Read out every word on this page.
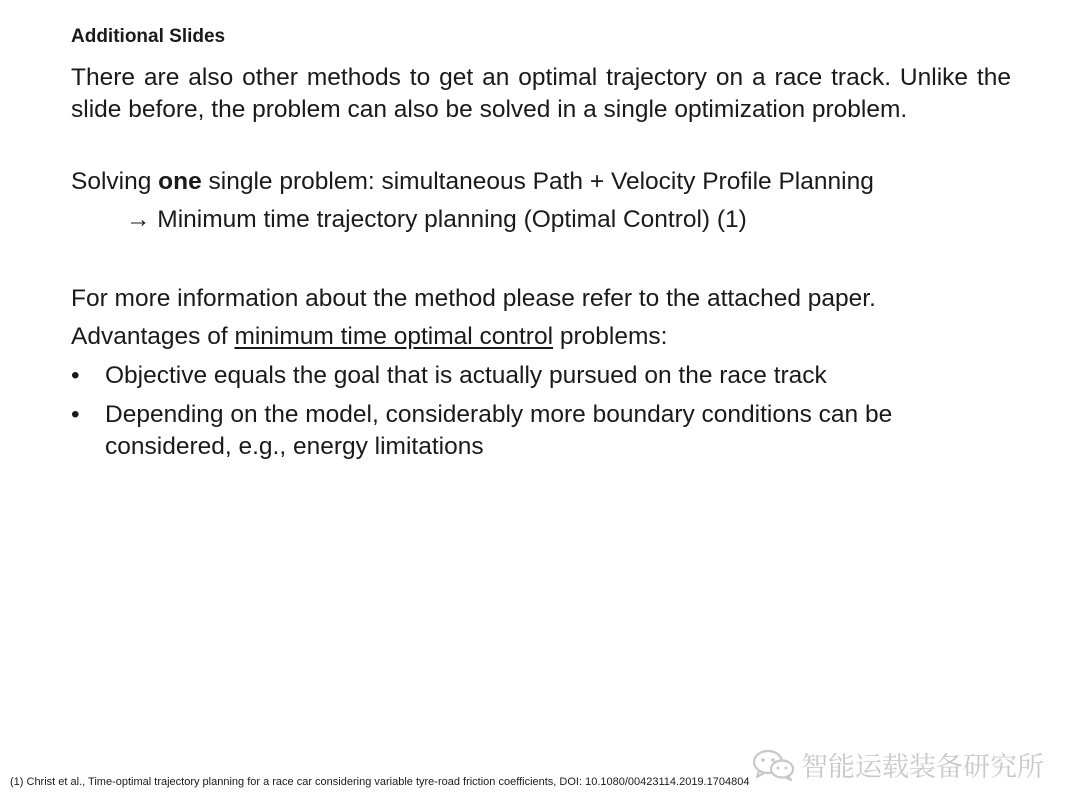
Additional Slides

There are also other methods to get an optimal trajectory on a race track. Unlike the slide before, the problem can also be solved in a single optimization problem.

Solving one single problem: simultaneous Path + Velocity Profile Planning
→ Minimum time trajectory planning (Optimal Control) (1)
For more information about the method please refer to the attached paper.
Advantages of minimum time optimal control problems:
•	Objective equals the goal that is actually pursued on the race track
•	Depending on the model, considerably more boundary conditions can be considered, e.g., energy limitations
(1) Christ et al., Time-optimal trajectory planning for a race car considering variable tyre-road friction coefficients, DOI: 10.1080/00423114.2019.1704804 智能运载装备研究所
